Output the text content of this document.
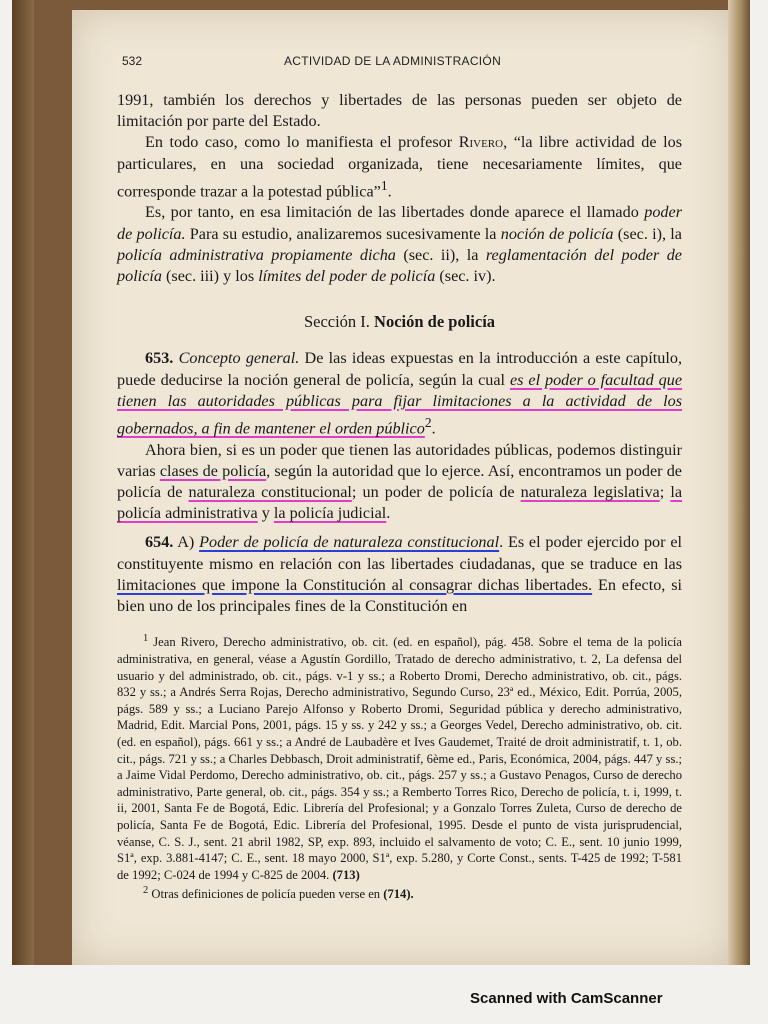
532	ACTIVIDAD DE LA ADMINISTRACIÓN

1991, también los derechos y libertades de las personas pueden ser objeto de limitación por parte del Estado.

En todo caso, como lo manifiesta el profesor Rivero, “la libre actividad de los particulares, en una sociedad organizada, tiene necesariamente límites, que corresponde trazar a la potestad pública”$^1$.

Es, por tanto, en esa limitación de las libertades donde aparece el llamado poder de policía. Para su estudio, analizaremos sucesivamente la noción de policía (sec. i), la policía administrativa propiamente dicha (sec. ii), la reglamentación del poder de policía (sec. iii) y los límites del poder de policía (sec. iv).

Sección I. Noción de policía

653. Concepto general. De las ideas expuestas en la introducción a este capítulo, puede deducirse la noción general de policía, según la cual es el poder o facultad que tienen las autoridades públicas para fijar limitaciones a la actividad de los gobernados, a fin de mantener el orden público$^2$.

Ahora bien, si es un poder que tienen las autoridades públicas, podemos distinguir varias clases de policía, según la autoridad que lo ejerce. Así, encontramos un poder de policía de naturaleza constitucional; un poder de policía de naturaleza legislativa; la policía administrativa y la policía judicial.

654. A) Poder de policía de naturaleza constitucional. Es el poder ejercido por el constituyente mismo en relación con las libertades ciudadanas, que se traduce en las limitaciones que impone la Constitución al consagrar dichas libertades. En efecto, si bien uno de los principales fines de la Constitución en

$^1$ Jean Rivero, Derecho administrativo, ob. cit. (ed. en español), pág. 458. Sobre el tema de la policía administrativa, en general, véase a Agustín Gordillo, Tratado de derecho administrativo, t. 2, La defensa del usuario y del administrado, ob. cit., págs. v-1 y ss.; a Roberto Dromi, Derecho administrativo, ob. cit., págs. 832 y ss.; a Andrés Serra Rojas, Derecho administrativo, Segundo Curso, 23ª ed., México, Edit. Porrúa, 2005, págs. 589 y ss.; a Luciano Parejo Alfonso y Roberto Dromi, Seguridad pública y derecho administrativo, Madrid, Edit. Marcial Pons, 2001, págs. 15 y ss. y 242 y ss.; a Georges Vedel, Derecho administrativo, ob. cit. (ed. en español), págs. 661 y ss.; a André de Laubadère et Ives Gaudemet, Traité de droit administratif, t. 1, ob. cit., págs. 721 y ss.; a Charles Debbasch, Droit administratif, 6ème ed., Paris, Económica, 2004, págs. 447 y ss.; a Jaime Vidal Perdomo, Derecho administrativo, ob. cit., págs. 257 y ss.; a Gustavo Penagos, Curso de derecho administrativo, Parte general, ob. cit., págs. 354 y ss.; a Remberto Torres Rico, Derecho de policía, t. i, 1999, t. ii, 2001, Santa Fe de Bogotá, Edic. Librería del Profesional; y a Gonzalo Torres Zuleta, Curso de derecho de policía, Santa Fe de Bogotá, Edic. Librería del Profesional, 1995. Desde el punto de vista jurisprudencial, véanse, C. S. J., sent. 21 abril 1982, SP, exp. 893, incluido el salvamento de voto; C. E., sent. 10 junio 1999, S1ª, exp. 3.881-4147; C. E., sent. 18 mayo 2000, S1ª, exp. 5.280, y Corte Const., sents. T-425 de 1992; T-581 de 1992; C-024 de 1994 y C-825 de 2004. (713)

$^2$ Otras definiciones de policía pueden verse en (714).

Scanned with CamScanner
